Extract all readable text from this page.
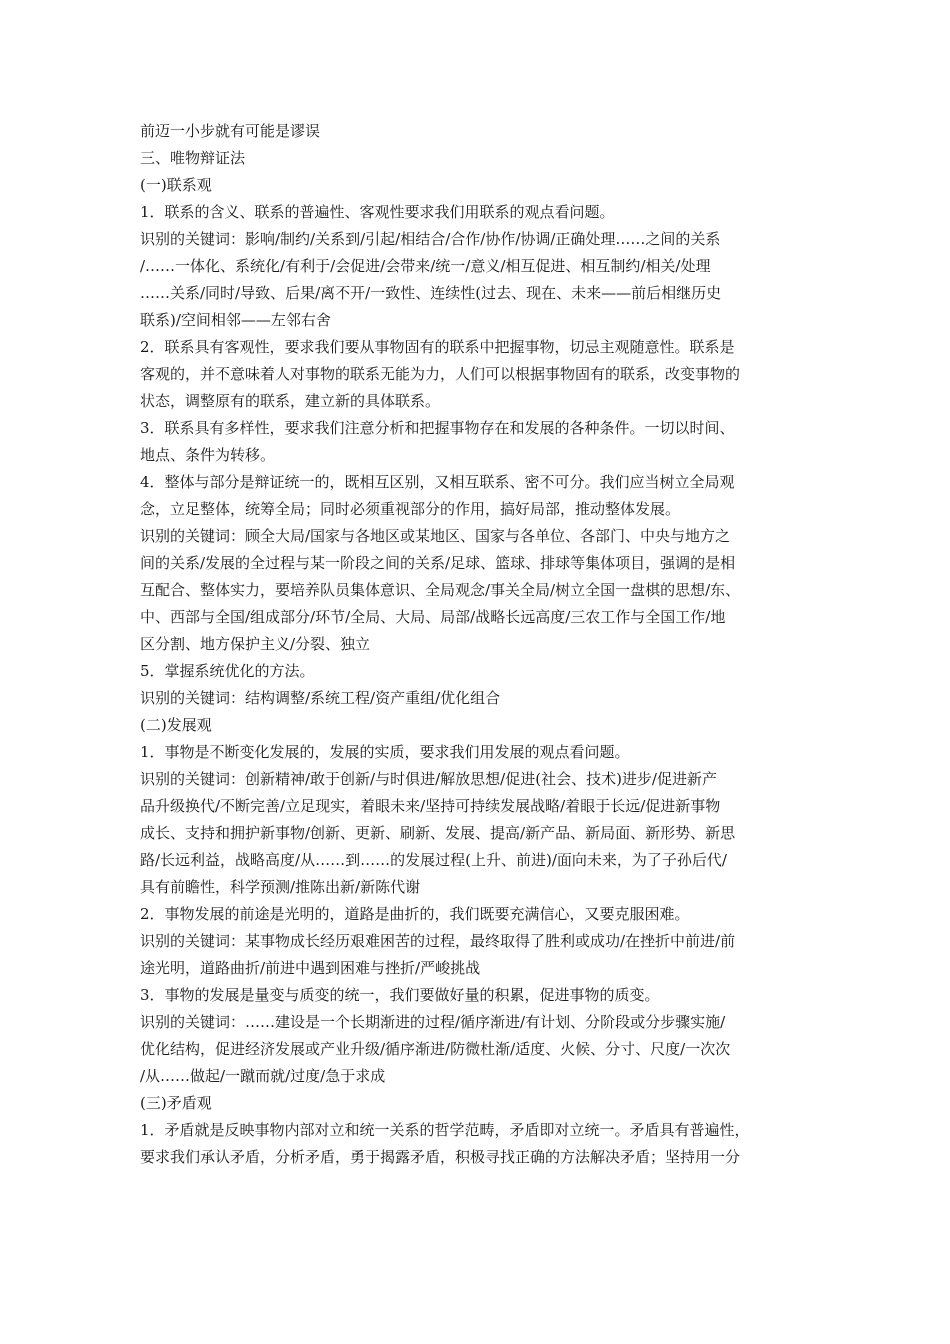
前迈一小步就有可能是谬误
三、唯物辩证法
(一)联系观
1．联系的含义、联系的普遍性、客观性要求我们用联系的观点看问题。
识别的关键词：影响/制约/关系到/引起/相结合/合作/协作/协调/正确处理……之间的关系
/……一体化、系统化/有利于/会促进/会带来/统一/意义/相互促进、相互制约/相关/处理
……关系/同时/导致、后果/离不开/一致性、连续性(过去、现在、未来——前后相继历史
联系)/空间相邻——左邻右舍
2．联系具有客观性，要求我们要从事物固有的联系中把握事物，切忌主观随意性。联系是
客观的，并不意味着人对事物的联系无能为力，人们可以根据事物固有的联系，改变事物的
状态，调整原有的联系，建立新的具体联系。
3．联系具有多样性，要求我们注意分析和把握事物存在和发展的各种条件。一切以时间、
地点、条件为转移。
4．整体与部分是辩证统一的，既相互区别，又相互联系、密不可分。我们应当树立全局观
念，立足整体，统筹全局；同时必须重视部分的作用，搞好局部，推动整体发展。
识别的关键词：顾全大局/国家与各地区或某地区、国家与各单位、各部门、中央与地方之
间的关系/发展的全过程与某一阶段之间的关系/足球、篮球、排球等集体项目，强调的是相
互配合、整体实力，要培养队员集体意识、全局观念/事关全局/树立全国一盘棋的思想/东、
中、西部与全国/组成部分/环节/全局、大局、局部/战略长远高度/三农工作与全国工作/地
区分割、地方保护主义/分裂、独立
5．掌握系统优化的方法。
识别的关键词：结构调整/系统工程/资产重组/优化组合
(二)发展观
1．事物是不断变化发展的，发展的实质，要求我们用发展的观点看问题。
识别的关键词：创新精神/敢于创新/与时俱进/解放思想/促进(社会、技术)进步/促进新产
品升级换代/不断完善/立足现实，着眼未来/坚持可持续发展战略/着眼于长远/促进新事物
成长、支持和拥护新事物/创新、更新、刷新、发展、提高/新产品、新局面、新形势、新思
路/长远利益，战略高度/从……到……的发展过程(上升、前进)/面向未来，为了子孙后代/
具有前瞻性，科学预测/推陈出新/新陈代谢
2．事物发展的前途是光明的，道路是曲折的，我们既要充满信心，又要克服困难。
识别的关键词：某事物成长经历艰难困苦的过程，最终取得了胜利或成功/在挫折中前进/前
途光明，道路曲折/前进中遇到困难与挫折/严峻挑战
3．事物的发展是量变与质变的统一，我们要做好量的积累，促进事物的质变。
识别的关键词：……建设是一个长期渐进的过程/循序渐进/有计划、分阶段或分步骤实施/
优化结构，促进经济发展或产业升级/循序渐进/防微杜渐/适度、火候、分寸、尺度/一次次
/从……做起/一蹴而就/过度/急于求成
(三)矛盾观
1．矛盾就是反映事物内部对立和统一关系的哲学范畴，矛盾即对立统一。矛盾具有普遍性，
要求我们承认矛盾，分析矛盾，勇于揭露矛盾，积极寻找正确的方法解决矛盾；坚持用一分
